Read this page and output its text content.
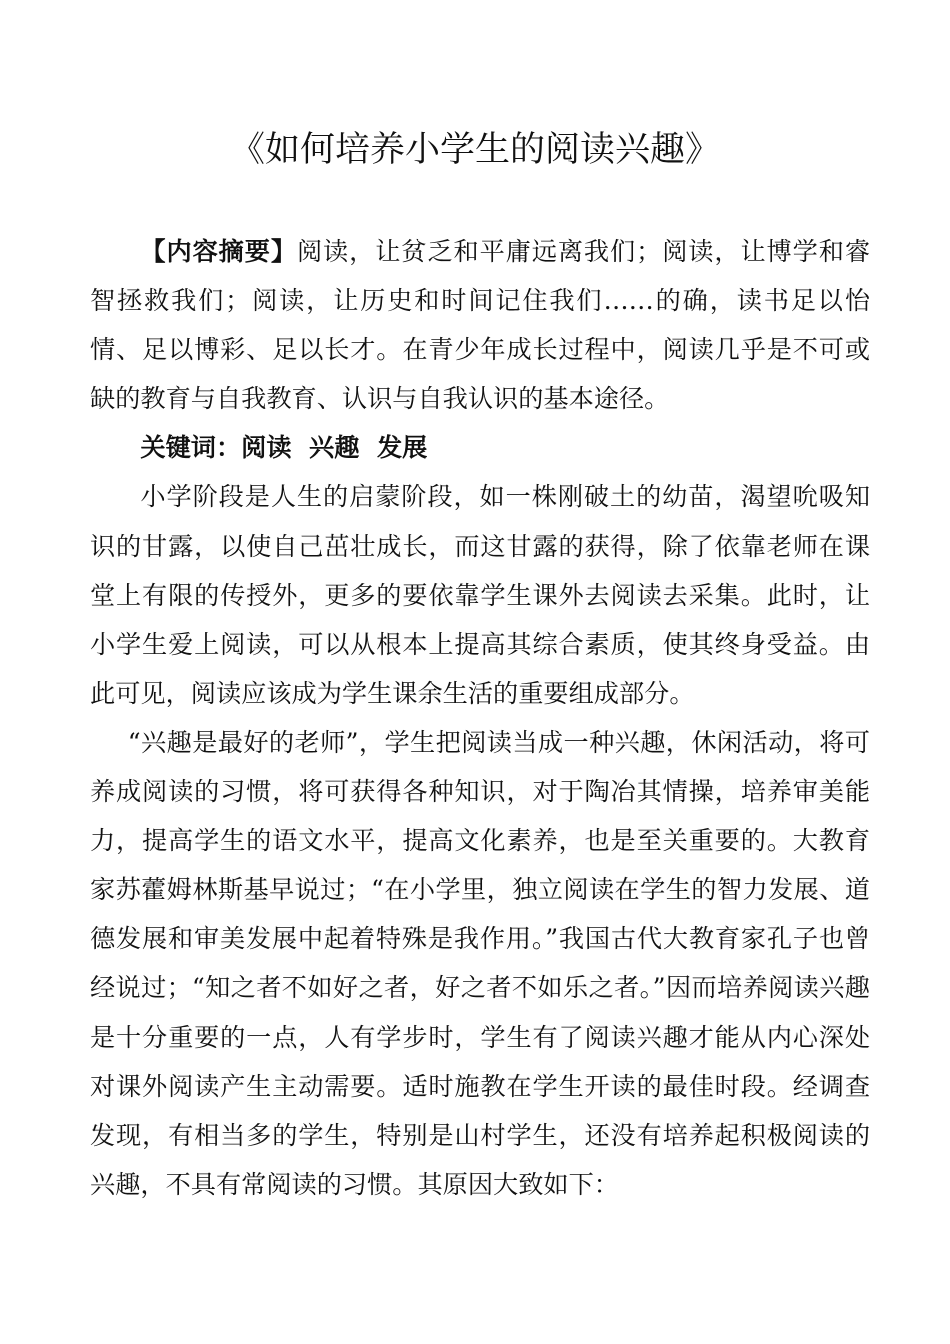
《如何培养小学生的阅读兴趣》

【内容摘要】阅读，让贫乏和平庸远离我们；阅读，让博学和睿智拯救我们；阅读，让历史和时间记住我们……的确，读书足以怡情、足以博彩、足以长才。在青少年成长过程中，阅读几乎是不可或缺的教育与自我教育、认识与自我认识的基本途径。

关键词：阅读  兴趣  发展

小学阶段是人生的启蒙阶段，如一株刚破土的幼苗，渴望吮吸知识的甘露，以使自己茁壮成长，而这甘露的获得，除了依靠老师在课堂上有限的传授外，更多的要依靠学生课外去阅读去采集。此时，让小学生爱上阅读，可以从根本上提高其综合素质，使其终身受益。由此可见，阅读应该成为学生课余生活的重要组成部分。

“兴趣是最好的老师”，学生把阅读当成一种兴趣，休闲活动，将可养成阅读的习惯，将可获得各种知识，对于陶冶其情操，培养审美能力，提高学生的语文水平，提高文化素养，也是至关重要的。大教育家苏藿姆林斯基早说过；“在小学里，独立阅读在学生的智力发展、道德发展和审美发展中起着特殊是我作用。”我国古代大教育家孔子也曾经说过；“知之者不如好之者，好之者不如乐之者。”因而培养阅读兴趣是十分重要的一点，人有学步时，学生有了阅读兴趣才能从内心深处对课外阅读产生主动需要。适时施教在学生开读的最佳时段。经调查发现，有相当多的学生，特别是山村学生，还没有培养起积极阅读的兴趣，不具有常阅读的习惯。其原因大致如下：
